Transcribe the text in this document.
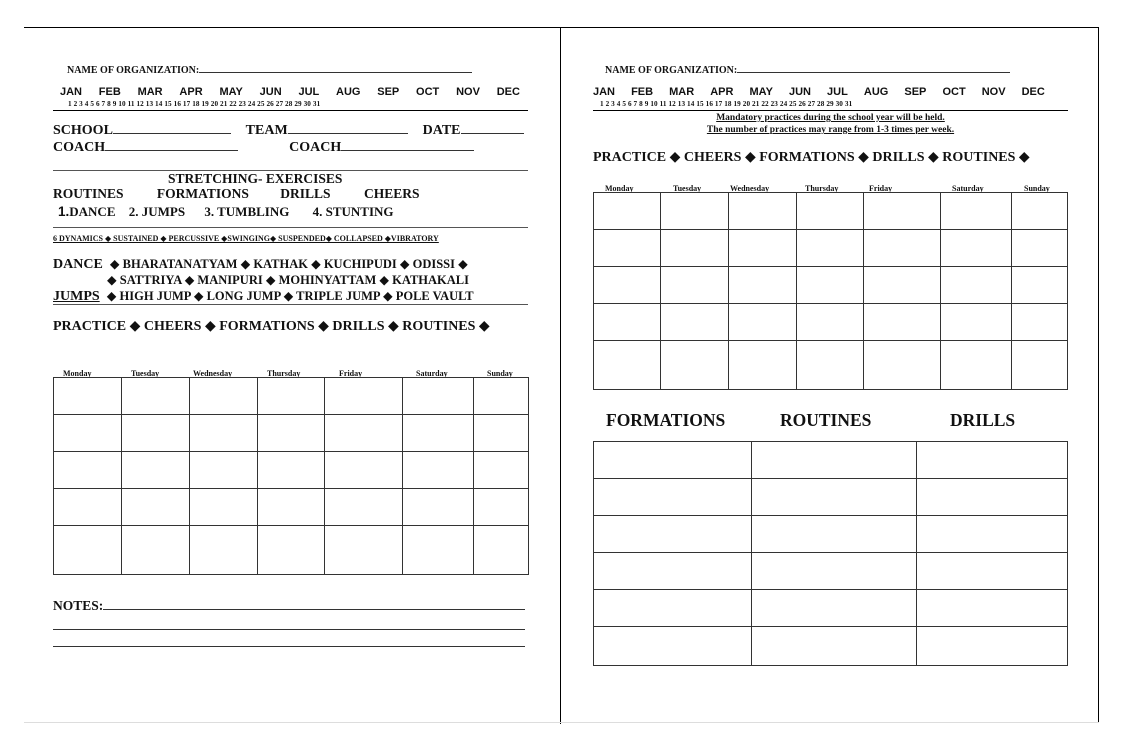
NAME OF ORGANIZATION:
JAN FEB MAR APR MAY JUN JUL AUG SEP OCT NOV DEC
1 2 3 4 5 6 7 8 9 10 11 12 13 14 15 16 17 18 19 20 21 22 23 24 25 26 27 28 29 30 31
SCHOOL	TEAM	DATE
COACH	COACH
STRETCHING- EXERCISES
ROUTINES FORMATIONS DRILLS CHEERS
1.DANCE 2. JUMPS 3. TUMBLING 4. STUNTING
6 DYNAMICS ◆ SUSTAINED ◆ PERCUSSIVE ◆SWINGING◆ SUSPENDED◆ COLLAPSED ◆VIBRATORY
DANCE ◆ BHARATANATYAM ◆ KATHAK ◆ KUCHIPUDI ◆ ODISSI ◆
◆ SATTRIYA ◆ MANIPURI ◆ MOHINYATTAM ◆ KATHAKALI
JUMPS ◆ HIGH JUMP ◆ LONG JUMP ◆ TRIPLE JUMP ◆ POLE VAULT
PRACTICE ◆ CHEERS ◆ FORMATIONS ◆ DRILLS ◆ ROUTINES ◆
Monday	Tuesday	Wednesday	Thursday	Friday	Saturday	Sunday

NOTES:
NAME OF ORGANIZATION:
JAN FEB MAR APR MAY JUN JUL AUG SEP OCT NOV DEC
1 2 3 4 5 6 7 8 9 10 11 12 13 14 15 16 17 18 19 20 21 22 23 24 25 26 27 28 29 30 31
Mandatory practices during the school year will be held.
The number of practices may range from 1-3 times per week.
PRACTICE ◆ CHEERS ◆ FORMATIONS ◆ DRILLS ◆ ROUTINES ◆
Monday	Tuesday	Wednesday	Thursday	Friday	Saturday	Sunday

FORMATIONS	ROUTINES	DRILLS
